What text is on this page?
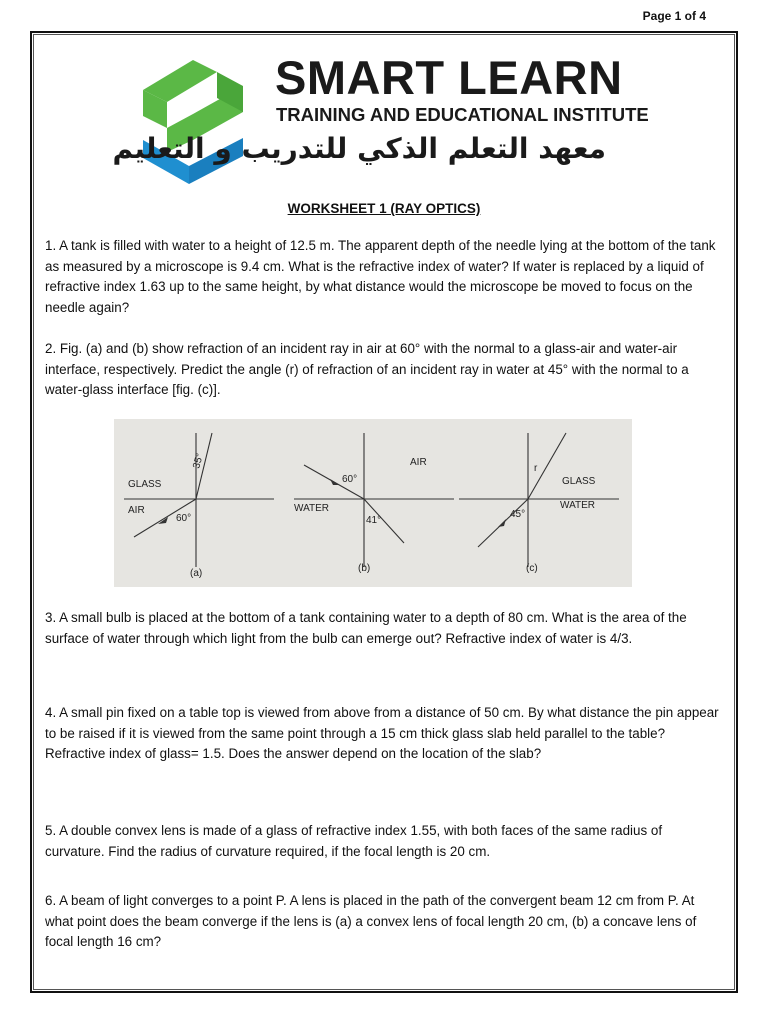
Page 1 of 4
SMART LEARN
TRAINING AND EDUCATIONAL INSTITUTE
معهد التعلم الذكي للتدريب و التعليم
WORKSHEET 1 (RAY OPTICS)

1. A tank is filled with water to a height of 12.5 m. The apparent depth of the needle lying at the bottom of the tank as measured by a microscope is 9.4 cm. What is the refractive index of water? If water is replaced by a liquid of refractive index 1.63 up to the same height, by what distance would the microscope be moved to focus on the needle again?

2. Fig. (a) and (b) show refraction of an incident ray in air at 60° with the normal to a glass-air and water-air interface, respectively. Predict the angle (r) of refraction of an incident ray in water at 45° with the normal to a water-glass interface [fig. (c)].

GLASS
AIR
35°
60°
(a)
AIR
WATER
60°
41°
(b)
GLASS
WATER
r
45°
(c)

3. A small bulb is placed at the bottom of a tank containing water to a depth of 80 cm. What is the area of the surface of water through which light from the bulb can emerge out? Refractive index of water is 4/3.

4. A small pin fixed on a table top is viewed from above from a distance of 50 cm. By what distance the pin appear to be raised if it is viewed from the same point through a 15 cm thick glass slab held parallel to the table? Refractive index of glass= 1.5. Does the answer depend on the location of the slab?

5. A double convex lens is made of a glass of refractive index 1.55, with both faces of the same radius of curvature. Find the radius of curvature required, if the focal length is 20 cm.

6. A beam of light converges to a point P. A lens is placed in the path of the convergent beam 12 cm from P. At what point does the beam converge if the lens is (a) a convex lens of focal length 20 cm, (b) a concave lens of focal length 16 cm?
